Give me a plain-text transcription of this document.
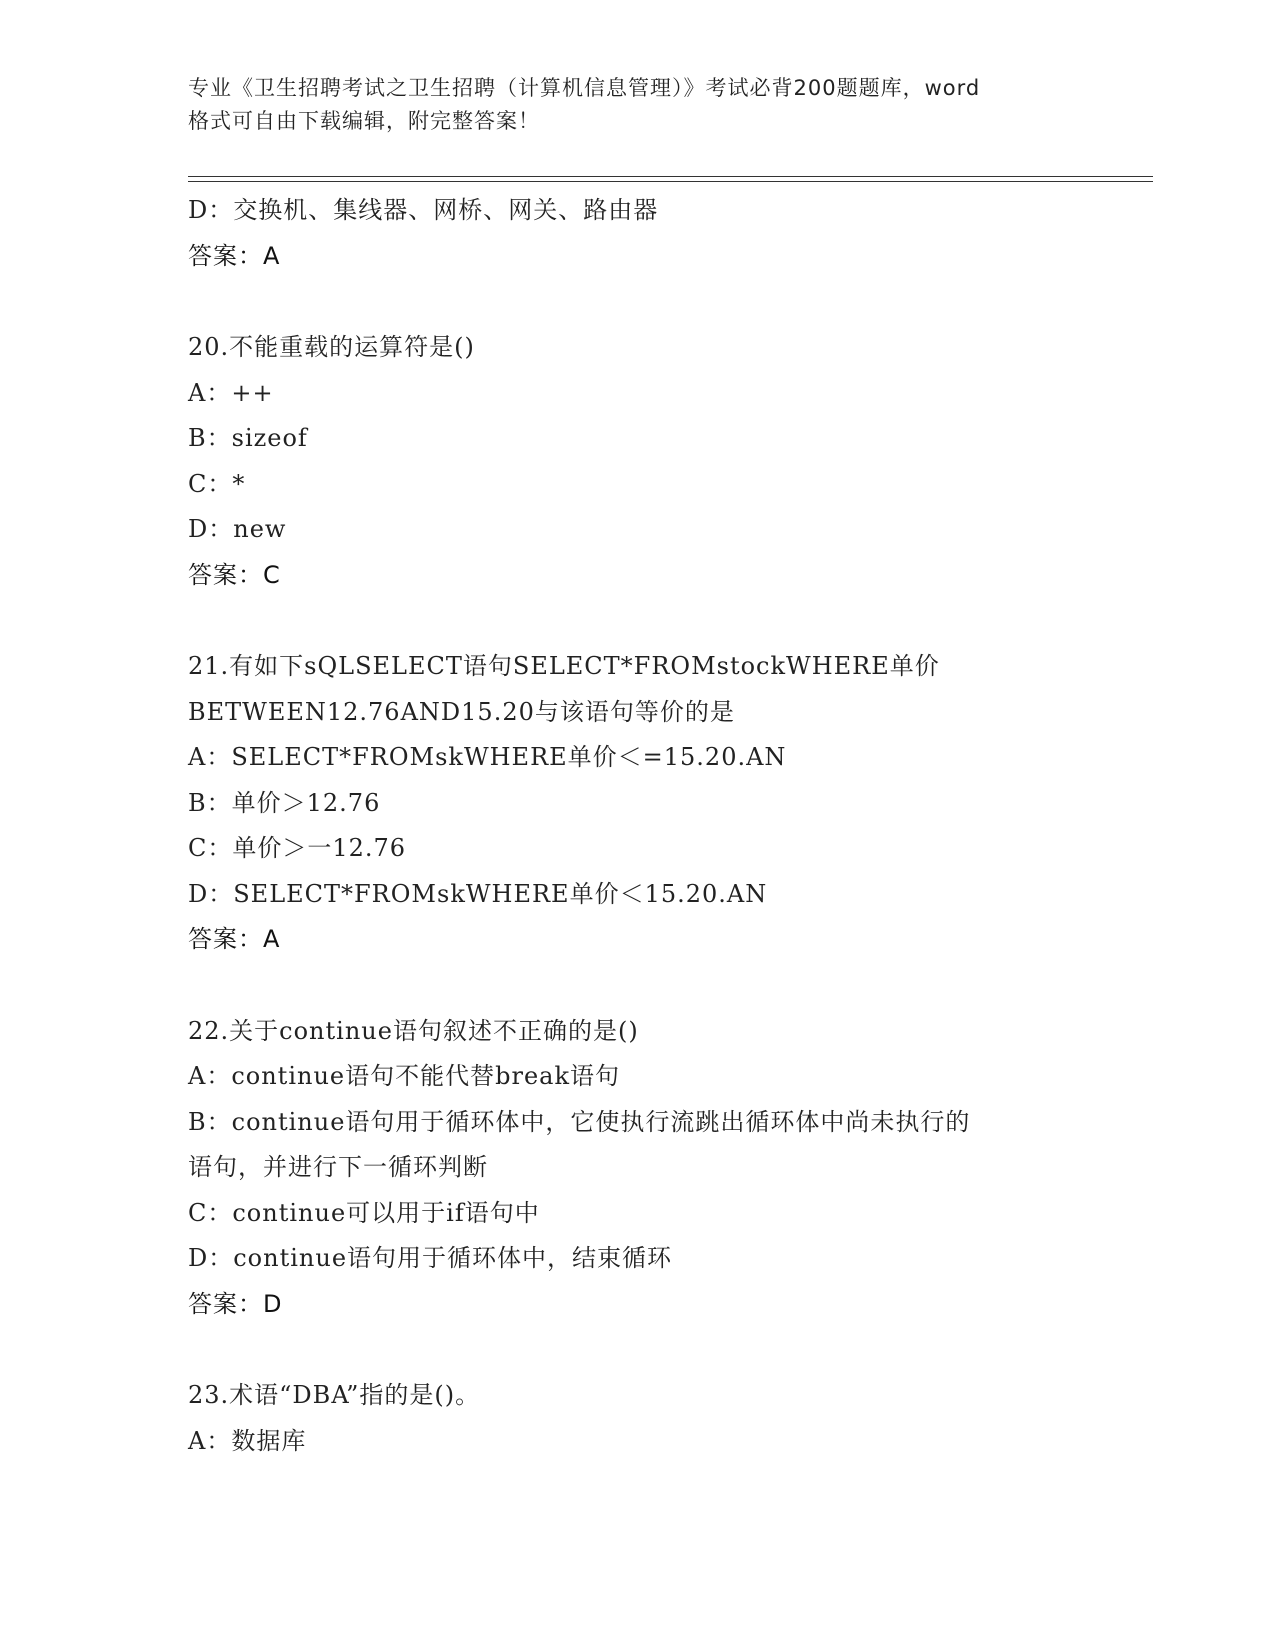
专业《卫生招聘考试之卫生招聘（计算机信息管理）》考试必背200题题库，word
格式可自由下载编辑，附完整答案！
D：交换机、集线器、网桥、网关、路由器
答案：A
20.不能重载的运算符是()
A：++
B：sizeof
C：*
D：new
答案：C
21.有如下sQLSELECT语句SELECT*FROMstockWHERE单价
BETWEEN12.76AND15.20与该语句等价的是
A：SELECT*FROMskWHERE单价＜=15.20.AN
B：单价＞12.76
C：单价＞一12.76
D：SELECT*FROMskWHERE单价＜15.20.AN
答案：A
22.关于continue语句叙述不正确的是()
A：continue语句不能代替break语句
B：continue语句用于循环体中，它使执行流跳出循环体中尚未执行的
语句，并进行下一循环判断
C：continue可以用于if语句中
D：continue语句用于循环体中，结束循环
答案：D
23.术语“DBA”指的是()。
A：数据库
